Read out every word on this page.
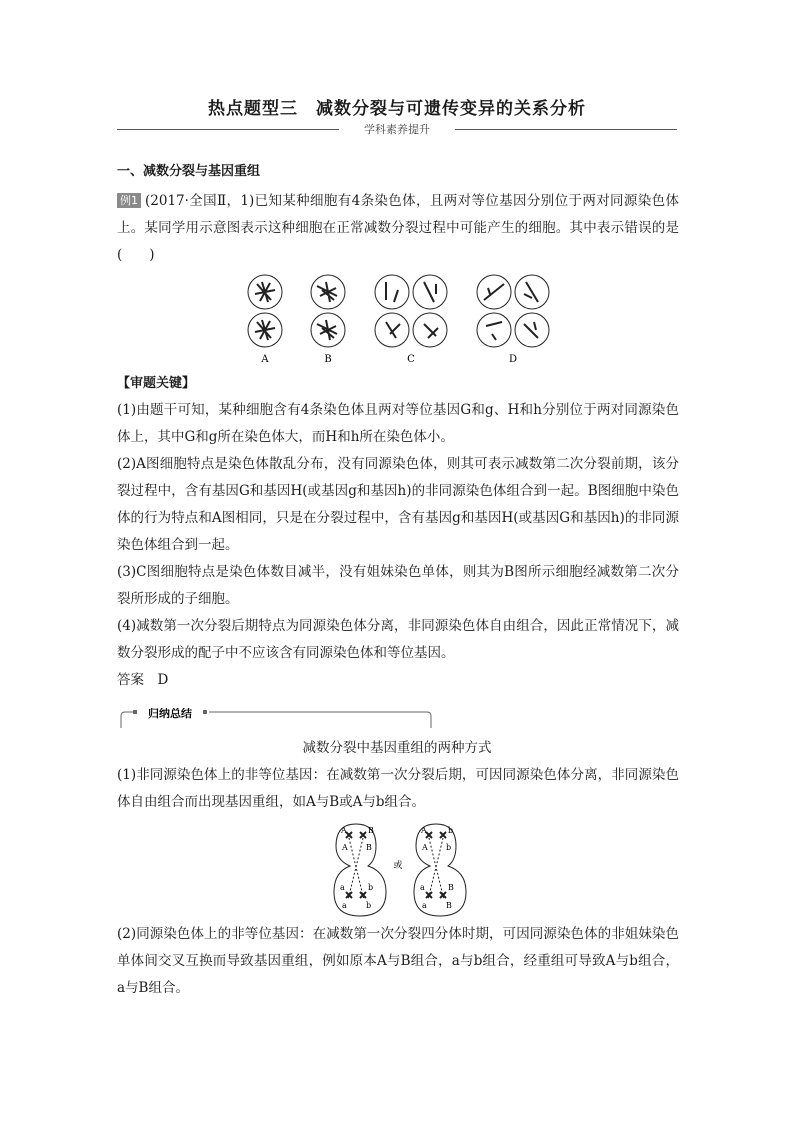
热点题型三　减数分裂与可遗传变异的关系分析
学科素养提升
一、减数分裂与基因重组
例1 (2017·全国Ⅱ，1)已知某种细胞有4条染色体，且两对等位基因分别位于两对同源染色体上。某同学用示意图表示这种细胞在正常减数分裂过程中可能产生的细胞。其中表示错误的是(　　)
A	B	C	D
【审题关键】
(1)由题干可知，某种细胞含有4条染色体且两对等位基因G和g、H和h分别位于两对同源染色体上，其中G和g所在染色体大，而H和h所在染色体小。
(2)A图细胞特点是染色体散乱分布，没有同源染色体，则其可表示减数第二次分裂前期，该分裂过程中，含有基因G和基因H(或基因g和基因h)的非同源染色体组合到一起。B图细胞中染色体的行为特点和A图相同，只是在分裂过程中，含有基因g和基因H(或基因G和基因h)的非同源染色体组合到一起。
(3)C图细胞特点是染色体数目减半，没有姐妹染色单体，则其为B图所示细胞经减数第二次分裂所形成的子细胞。
(4)减数第一次分裂后期特点为同源染色体分离，非同源染色体自由组合，因此正常情况下，减数分裂形成的配子中不应该含有同源染色体和等位基因。
答案　D
归纳总结
减数分裂中基因重组的两种方式
(1)非同源染色体上的非等位基因：在减数第一次分裂后期，可因同源染色体分离，非同源染色体自由组合而出现基因重组，如A与B或A与b组合。
A	B
A B
a	b
a b
A	b
A b
a	B
a B
或
(2)同源染色体上的非等位基因：在减数第一次分裂四分体时期，可因同源染色体的非姐妹染色单体间交叉互换而导致基因重组，例如原本A与B组合，a与b组合，经重组可导致A与b组合，a与B组合。
